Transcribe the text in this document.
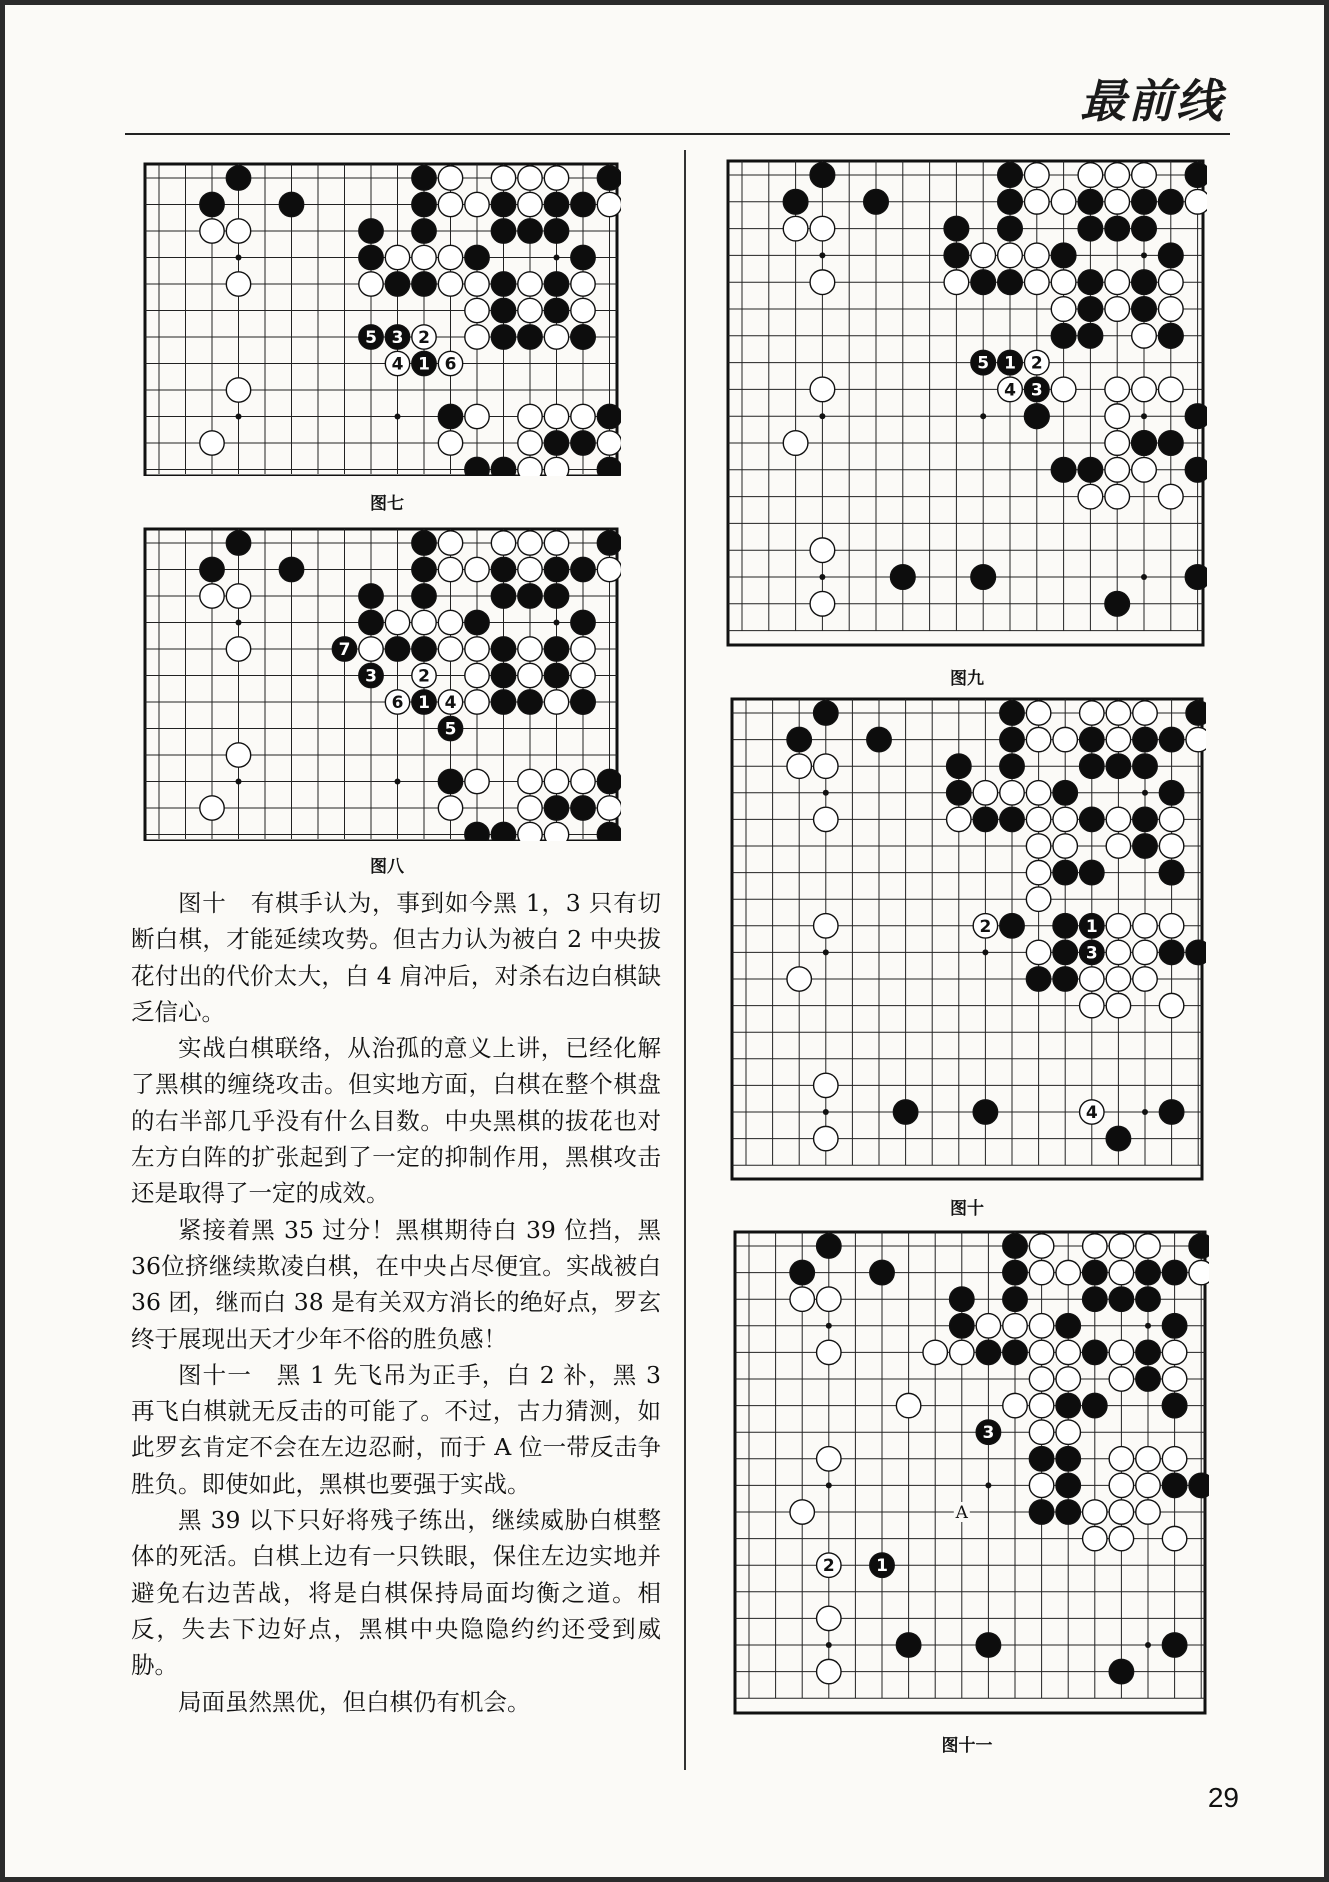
最前线
5 3 2
4 1 6
图七
7
3 2
6 1 4
5
图八

图十　有棋手认为，事到如今黑 1，3 只有切断白棋，才能延续攻势。但古力认为被白 2 中央拔花付出的代价太大，白 4 肩冲后，对杀右边白棋缺乏信心。

实战白棋联络，从治孤的意义上讲，已经化解了黑棋的缠绕攻击。但实地方面，白棋在整个棋盘的右半部几乎没有什么目数。中央黑棋的拔花也对左方白阵的扩张起到了一定的抑制作用，黑棋攻击还是取得了一定的成效。

紧接着黑 35 过分！黑棋期待白 39 位挡，黑 36位挤继续欺凌白棋，在中央占尽便宜。实战被白 36 团，继而白 38 是有关双方消长的绝好点，罗玄终于展现出天才少年不俗的胜负感！

图十一　黑 1 先飞吊为正手，白 2 补，黑 3 再飞白棋就无反击的可能了。不过，古力猜测，如此罗玄肯定不会在左边忍耐，而于 A 位一带反击争胜负。即使如此，黑棋也要强于实战。

黑 39 以下只好将残子练出，继续威胁白棋整体的死活。白棋上边有一只铁眼，保住左边实地并避免右边苦战，将是白棋保持局面均衡之道。相反，失去下边好点，黑棋中央隐隐约约还受到威胁。

局面虽然黑优，但白棋仍有机会。

5 1 2
4 3
图九
2	1
3
4
图十
3
2 1
A
图十一
29
